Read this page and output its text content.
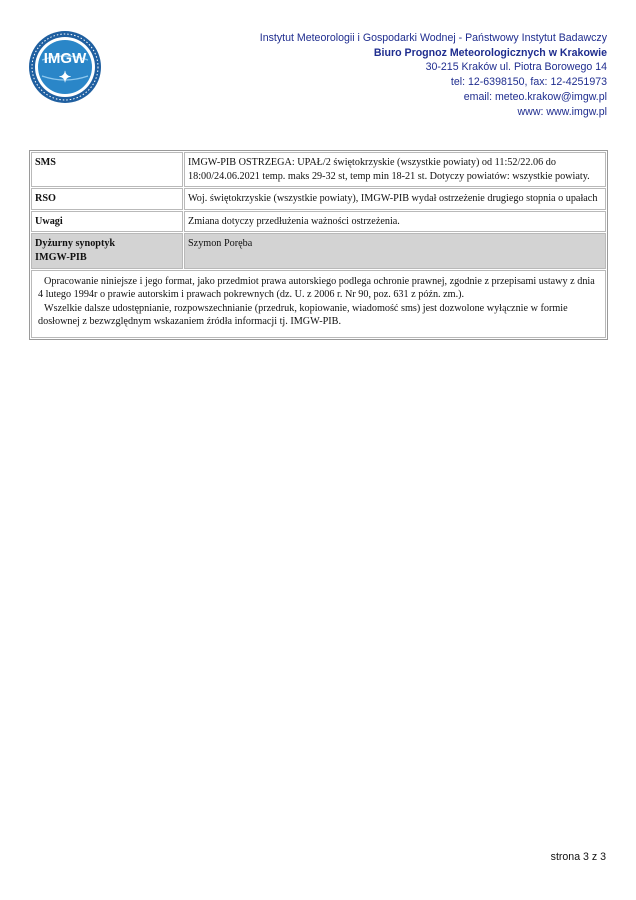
IMGW
✦
Instytut Meteorologii i Gospodarki Wodnej - Państwowy Instytut Badawczy
Biuro Prognoz Meteorologicznych w Krakowie
30-215 Kraków ul. Piotra Borowego 14
tel: 12-6398150, fax: 12-4251973
email: meteo.krakow@imgw.pl
www: www.imgw.pl
SMS	IMGW-PIB OSTRZEGA: UPAŁ/2 świętokrzyskie (wszystkie powiaty) od 11:52/22.06 do 18:00/24.06.2021 temp. maks 29-32 st, temp min 18-21 st. Dotyczy powiatów: wszystkie powiaty.
RSO	Woj. świętokrzyskie (wszystkie powiaty), IMGW-PIB wydał ostrzeżenie drugiego stopnia o upałach
Uwagi	Zmiana dotyczy przedłużenia ważności ostrzeżenia.

Dyżurny synoptyk
IMGW-PIB	Szymon Poręba

Opracowanie niniejsze i jego format, jako przedmiot prawa autorskiego podlega ochronie prawnej, zgodnie z przepisami ustawy z dnia 4 lutego 1994r o prawie autorskim i prawach pokrewnych (dz. U. z 2006 r. Nr 90, poz. 631 z późn. zm.).

Wszelkie dalsze udostępnianie, rozpowszechnianie (przedruk, kopiowanie, wiadomość sms) jest dozwolone wyłącznie w formie dosłownej z bezwzględnym wskazaniem źródła informacji tj. IMGW-PIB.	

strona 3 z 3
